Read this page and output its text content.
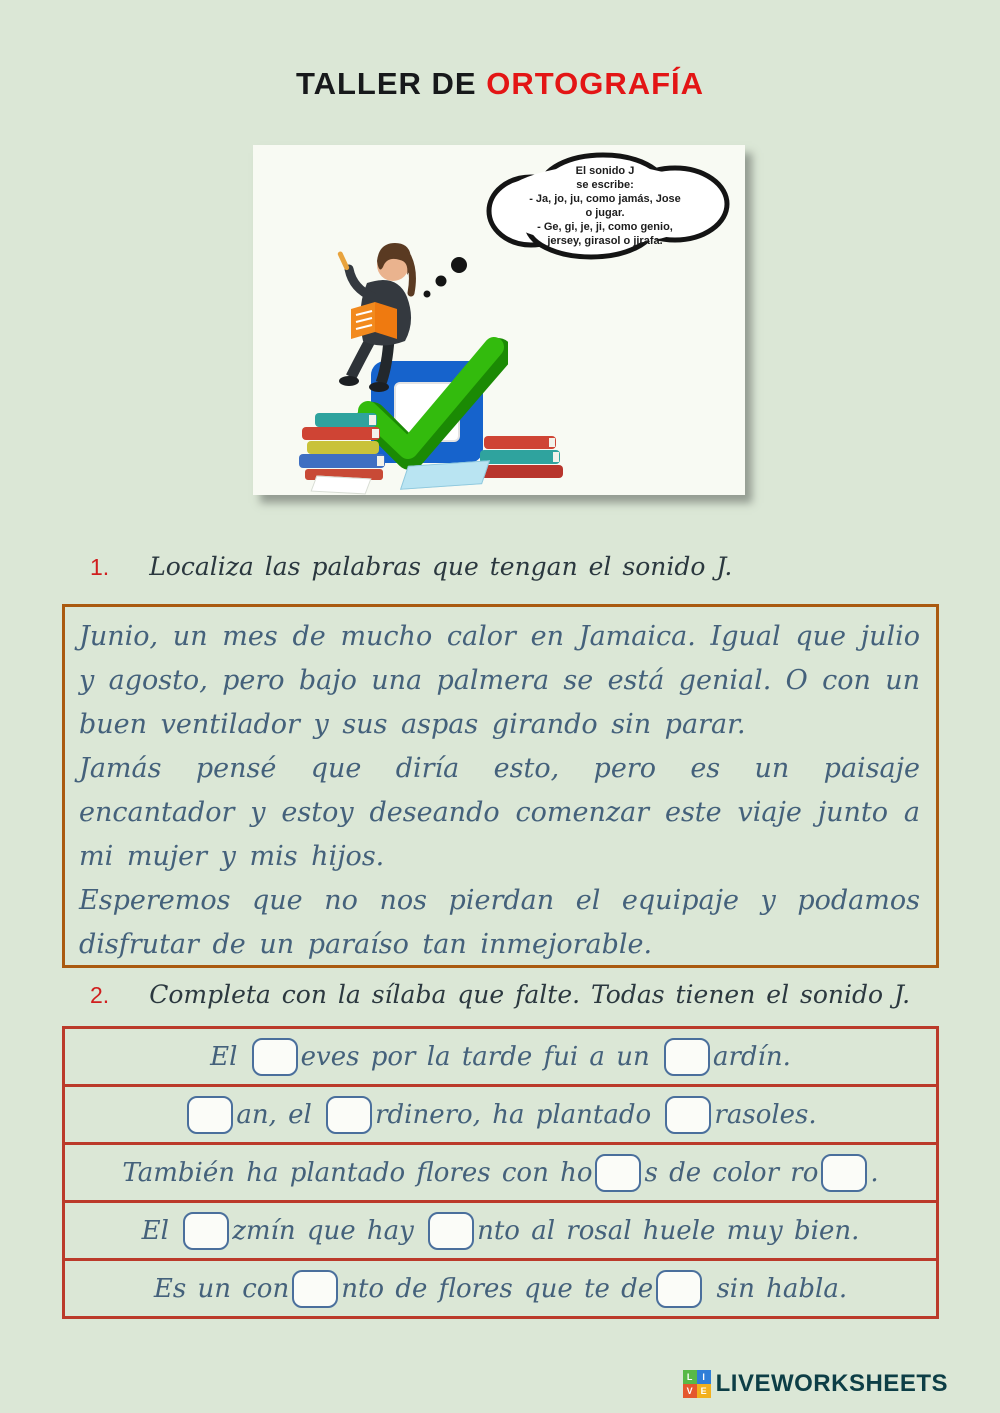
TALLER DE ORTOGRAFÍA
El sonido J
se escribe:
- Ja, jo, ju, como jamás, Jose
o jugar.
- Ge, gi, je, ji, como genio,
jersey, girasol o jirafa.
1. Localiza las palabras que tengan el sonido J.

Junio, un mes de mucho calor en Jamaica. Igual que julio y agosto, pero bajo una palmera se está genial. O con un buen ventilador y sus aspas girando sin parar.

Jamás pensé que diría esto, pero es un paisaje encantador y estoy deseando comenzar este viaje junto a mi mujer y mis hijos.

Esperemos que no nos pierdan el equipaje y podamos disfrutar de un paraíso tan inmejorable.

2. Completa con la sílaba que falte. Todas tienen el sonido J.
El eves por la tarde fui a un ardín.
an, el rdinero, ha plantado rasoles.
También ha plantado flores con ho s de color ro .
El zmín que hay nto al rosal huele muy bien.
Es un con nto de flores que te de sin habla.
L	I
V E LIVEWORKSHEETS
